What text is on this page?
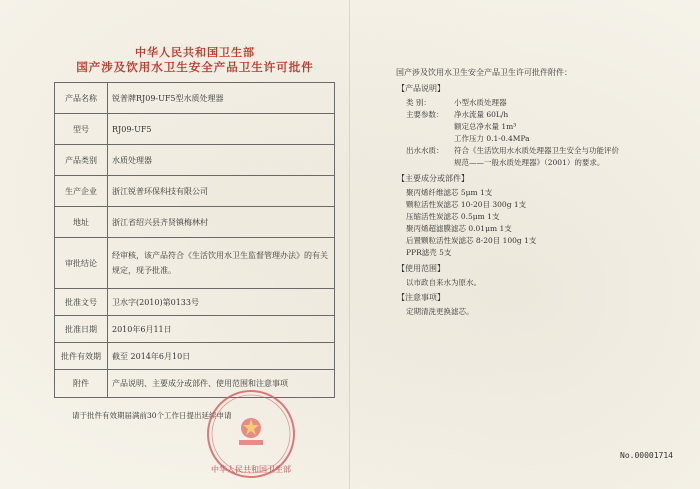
中华人民共和国卫生部
国产涉及饮用水卫生安全产品卫生许可批件
产品名称	锐普牌RJ09-UF5型水质处理器
型号	RJ09-UF5
产品类别	水质处理器
生产企业	浙江锐普环保科技有限公司
地址	浙江省绍兴县齐贤镇梅林村
审批结论	经审核，该产品符合《生活饮用水卫生监督管理办法》的有关规定，现予批准。
批准文号	卫水字(2010)第0133号
批准日期	2010年6月11日
批件有效期	截至 2014年6月10日
附件	产品说明、主要成分或部件、使用范围和注意事项
请于批件有效期届满前30个工作日提出延续申请
中华人民共和国卫生部
国产涉及饮用水卫生安全产品卫生许可批件附件：
【产品说明】
类 别：	小型水质处理器
主要参数： 净水流量 60L/h
额定总净水量 1m³
工作压力 0.1-0.4MPa
出水水质： 符合《生活饮用水水质处理器卫生安全与功能评价
规范——一般水质处理器》（2001）的要求。
【主要成分或部件】
聚丙烯纤维滤芯 5μm 1支
颗粒活性炭滤芯 10-20目 300g 1支
压缩活性炭滤芯 0.5μm 1支
聚丙烯超滤膜滤芯 0.01μm 1支
后置颗粒活性炭滤芯 8-20目 100g 1支
PPR滤壳 5支
【使用范围】
以市政自来水为原水。
【注意事项】
定期清洗更换滤芯。
No.00001714
